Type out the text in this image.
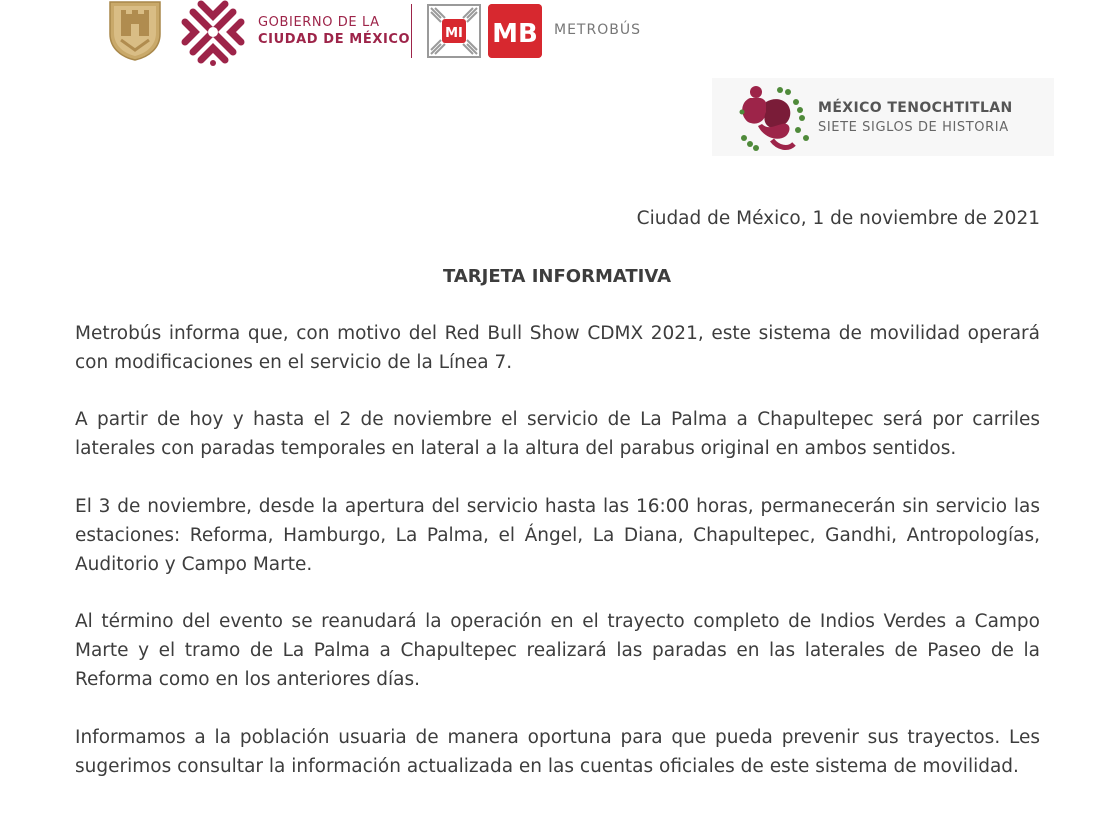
GOBIERNO DE LA
CIUDAD DE MÉXICO	MI MB METROBÚS
MÉXICO TENOCHTITLAN
SIETE SIGLOS DE HISTORIA
Ciudad de México, 1 de noviembre de 2021
TARJETA INFORMATIVA

Metrobús informa que, con motivo del Red Bull Show CDMX 2021, este sistema de movilidad operará con modificaciones en el servicio de la Línea 7.

A partir de hoy y hasta el 2 de noviembre el servicio de La Palma a Chapultepec será por carriles laterales con paradas temporales en lateral a la altura del parabus original en ambos sentidos.

El 3 de noviembre, desde la apertura del servicio hasta las 16:00 horas, permanecerán sin servicio las estaciones: Reforma, Hamburgo, La Palma, el Ángel, La Diana, Chapultepec, Gandhi, Antropologías, Auditorio y Campo Marte.

Al término del evento se reanudará la operación en el trayecto completo de Indios Verdes a Campo Marte y el tramo de La Palma a Chapultepec realizará las paradas en las laterales de Paseo de la Reforma como en los anteriores días.

Informamos a la población usuaria de manera oportuna para que pueda prevenir sus trayectos. Les sugerimos consultar la información actualizada en las cuentas oficiales de este sistema de movilidad.
